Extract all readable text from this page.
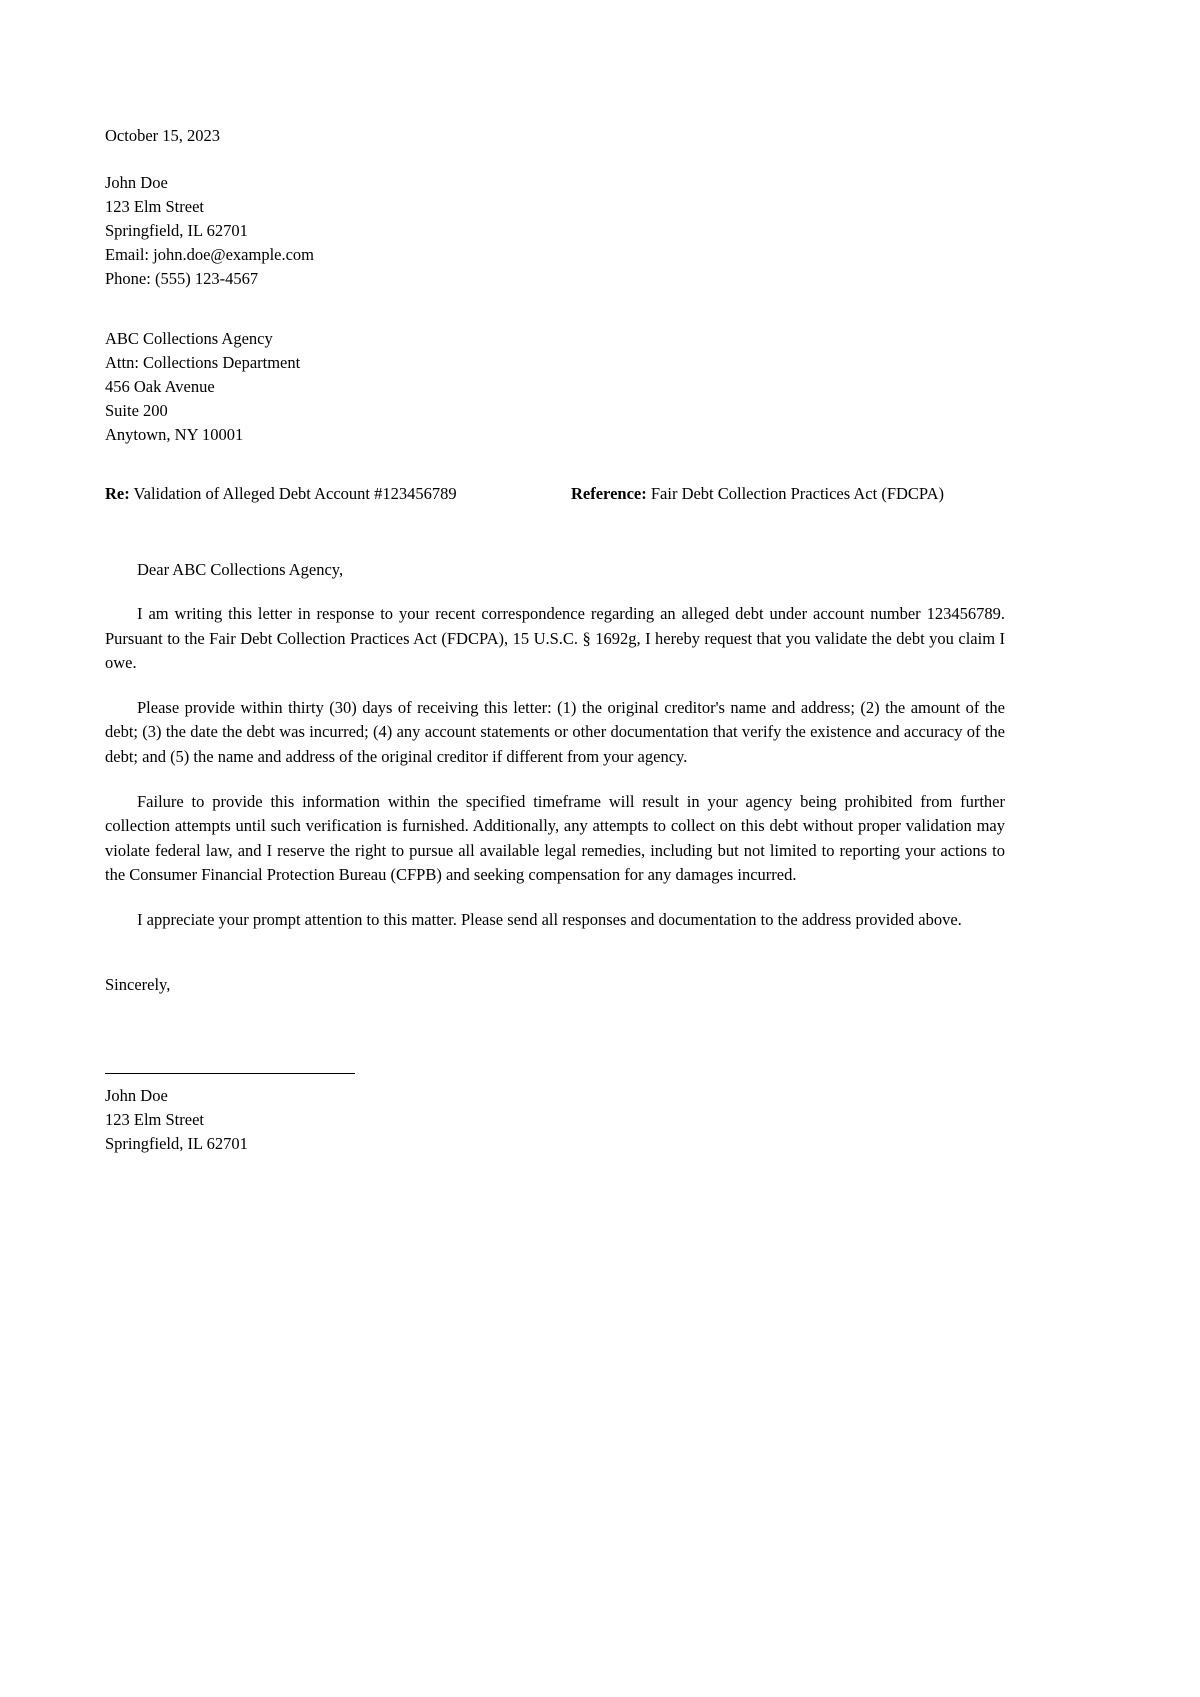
October 15, 2023
John Doe
123 Elm Street
Springfield, IL 62701
Email: john.doe@example.com
Phone: (555) 123-4567
ABC Collections Agency
Attn: Collections Department
456 Oak Avenue
Suite 200
Anytown, NY 10001
Re: Validation of Alleged Debt Account #123456789	Reference: Fair Debt Collection Practices Act (FDCPA)
Dear ABC Collections Agency,

I am writing this letter in response to your recent correspondence regarding an alleged debt under account number 123456789. Pursuant to the Fair Debt Collection Practices Act (FDCPA), 15 U.S.C. § 1692g, I hereby request that you validate the debt you claim I owe.

Please provide within thirty (30) days of receiving this letter: (1) the original creditor's name and address; (2) the amount of the debt; (3) the date the debt was incurred; (4) any account statements or other documentation that verify the existence and accuracy of the debt; and (5) the name and address of the original creditor if different from your agency.

Failure to provide this information within the specified timeframe will result in your agency being prohibited from further collection attempts until such verification is furnished. Additionally, any attempts to collect on this debt without proper validation may violate federal law, and I reserve the right to pursue all available legal remedies, including but not limited to reporting your actions to the Consumer Financial Protection Bureau (CFPB) and seeking compensation for any damages incurred.

I appreciate your prompt attention to this matter. Please send all responses and documentation to the address provided above.

Sincerely,
John Doe
123 Elm Street
Springfield, IL 62701
